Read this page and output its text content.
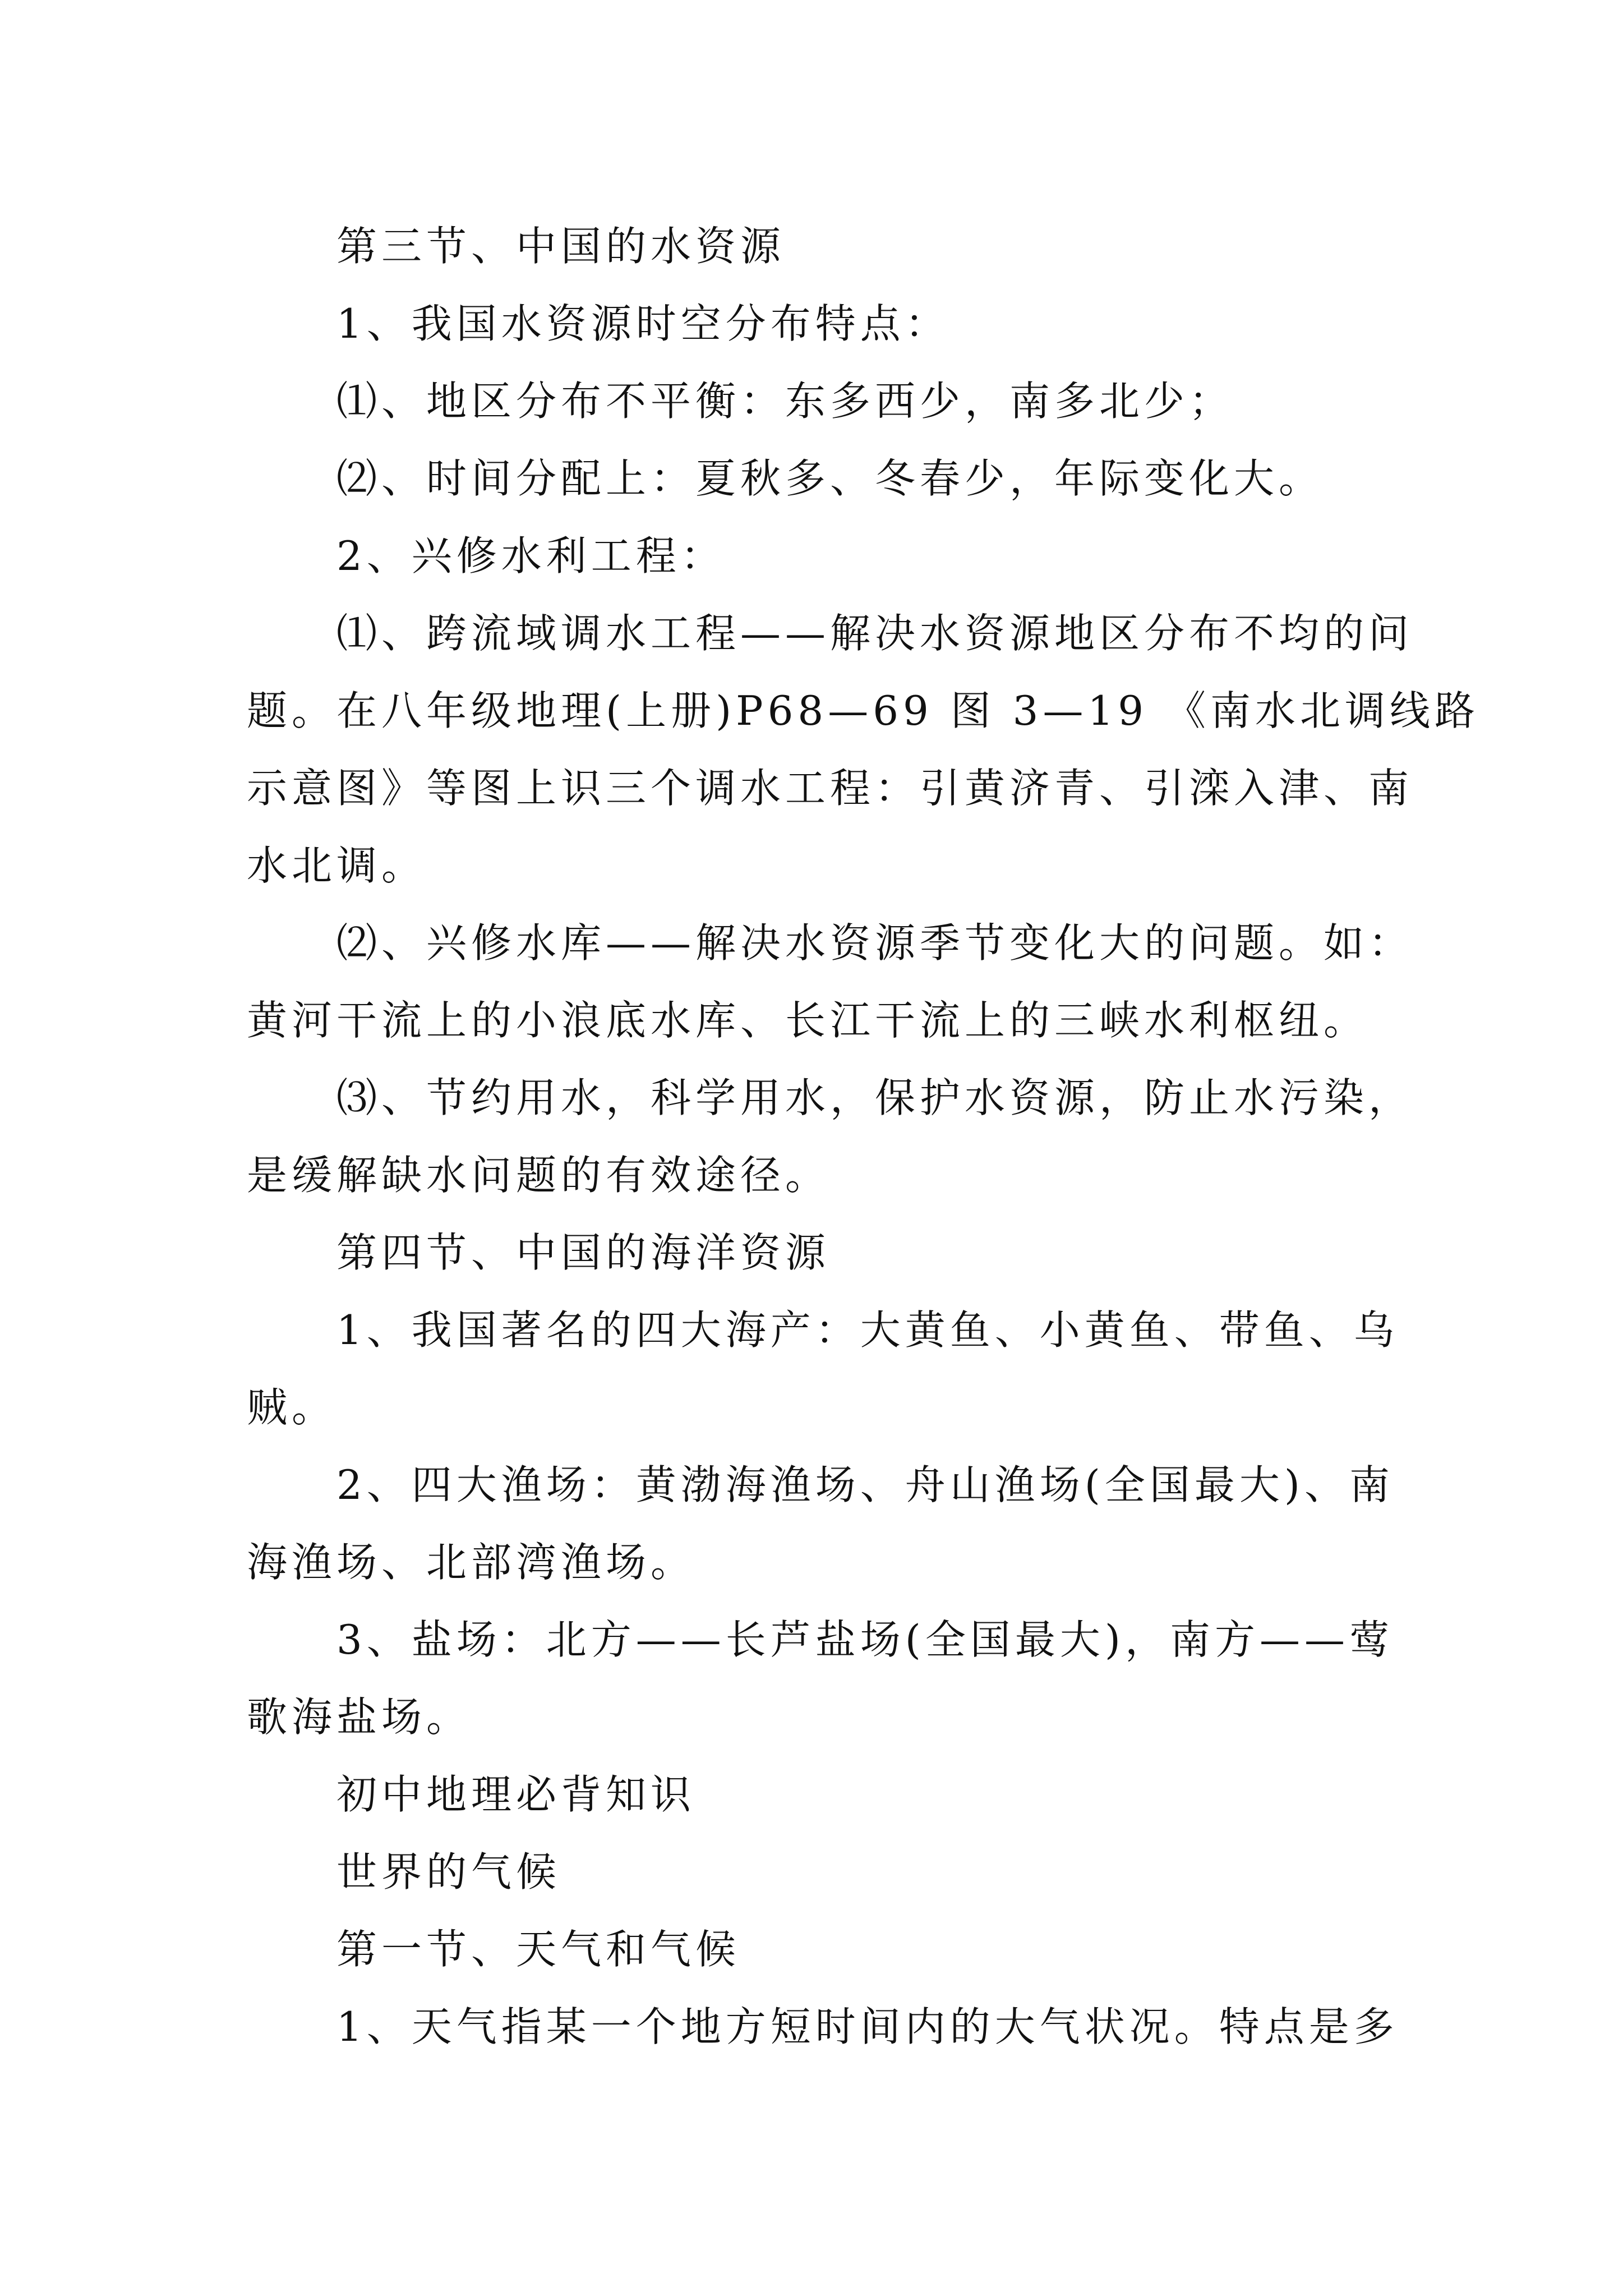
第三节、中国的水资源

1、我国水资源时空分布特点：

⑴、地区分布不平衡：东多西少，南多北少；

⑵、时间分配上：夏秋多、冬春少，年际变化大。

2、兴修水利工程：

⑴、跨流域调水工程——解决水资源地区分布不均的问

题。在八年级地理(上册)P68—69 图 3—19 《南水北调线路

示意图》等图上识三个调水工程：引黄济青、引滦入津、南

水北调。

⑵、兴修水库——解决水资源季节变化大的问题。如：

黄河干流上的小浪底水库、长江干流上的三峡水利枢纽。

⑶、节约用水，科学用水，保护水资源，防止水污染，

是缓解缺水问题的有效途径。

第四节、中国的海洋资源

1、我国著名的四大海产：大黄鱼、小黄鱼、带鱼、乌

贼。

2、四大渔场：黄渤海渔场、舟山渔场(全国最大)、南

海渔场、北部湾渔场。

3、盐场：北方——长芦盐场(全国最大)，南方——莺

歌海盐场。

初中地理必背知识

世界的气候

第一节、天气和气候

1、天气指某一个地方短时间内的大气状况。特点是多
